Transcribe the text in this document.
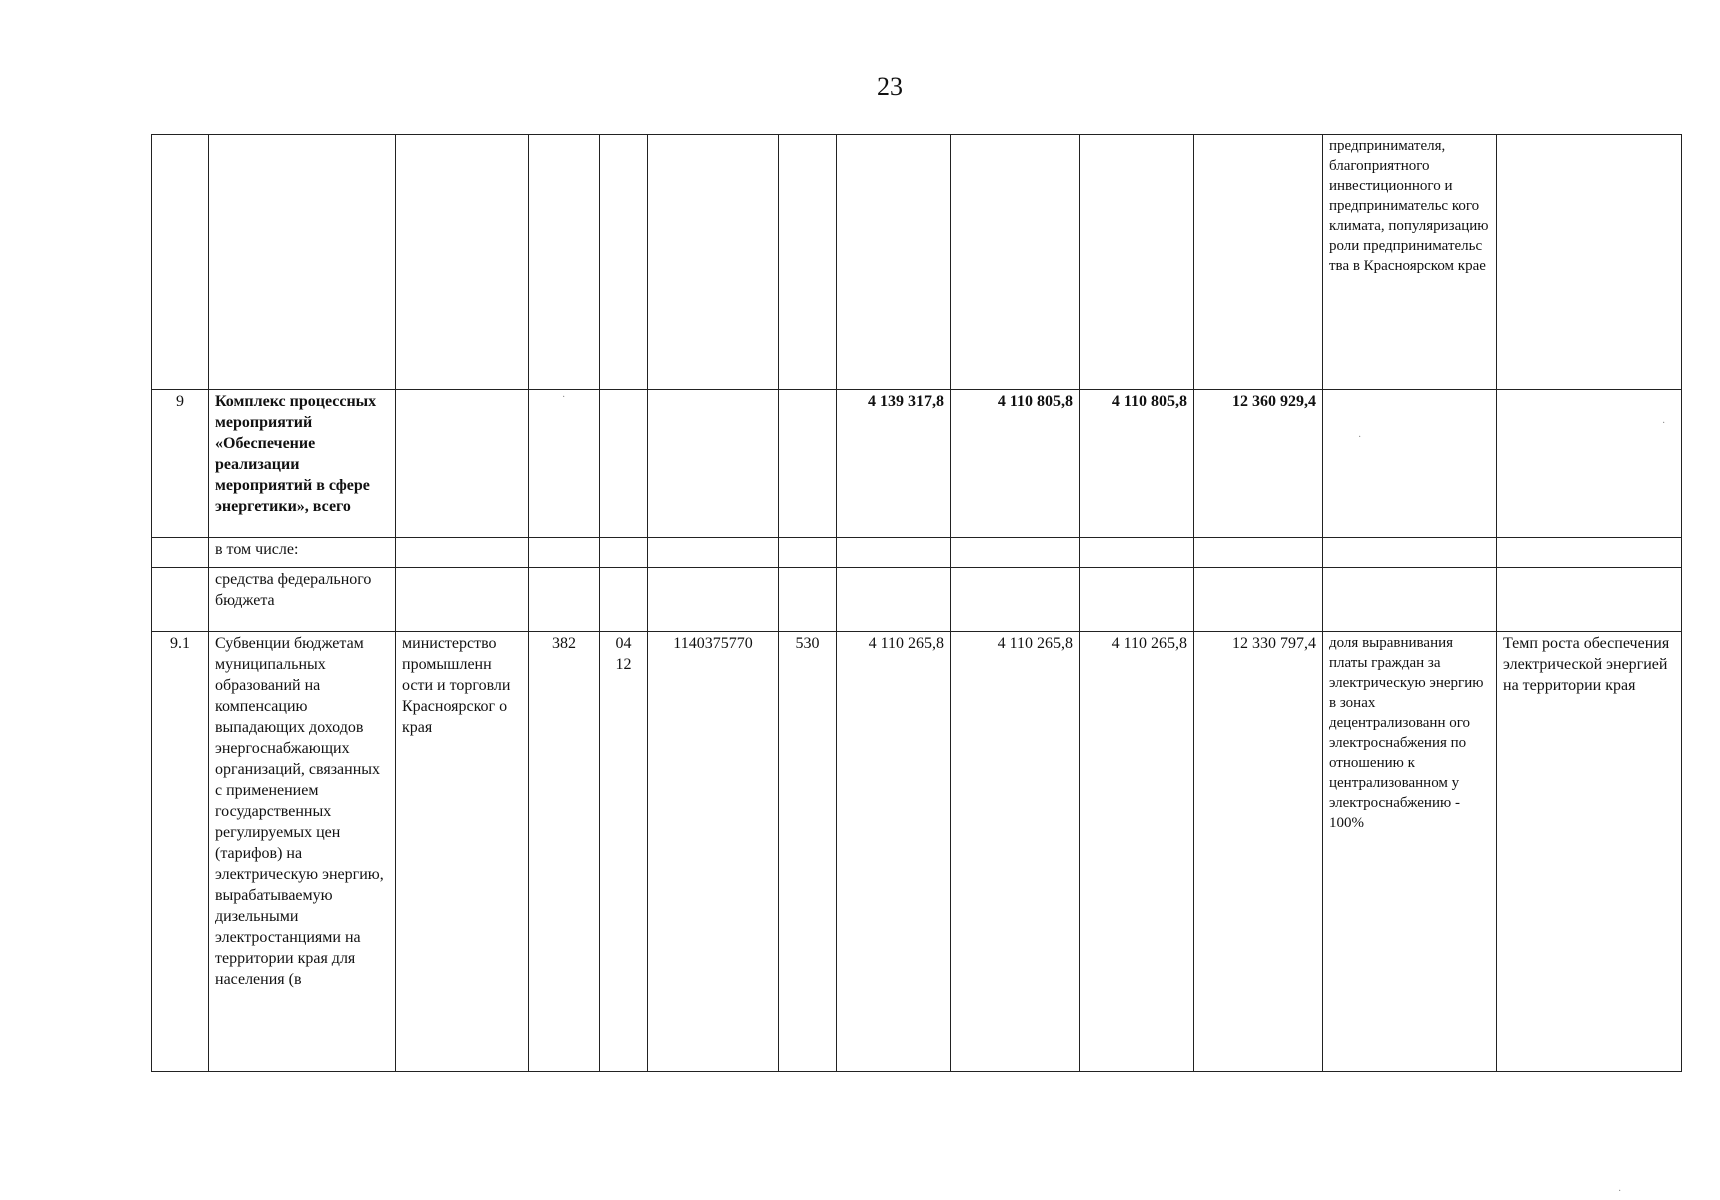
23
											предпринимателя, благоприятного инвестиционного и предпринимательс кого климата, популяризацию роли предпринимательс тва в Красноярском крае	
9	Комплекс процессных мероприятий «Обеспечение реализации мероприятий в сфере энергетики», всего						4 139 317,8	4 110 805,8	4 110 805,8	12 360 929,4		
	в том числе:											
	средства федерального бюджета											
9.1	Субвенции бюджетам муниципальных образований на компенсацию выпадающих доходов энергоснабжающих организаций, связанных с применением государственных регулируемых цен (тарифов) на электрическую энергию, вырабатываемую дизельными электростанциями на территории края для населения (в	министерство промышленн ости и торговли Красноярског о края	382	04 12	1140375770	530	4 110 265,8	4 110 265,8	4 110 265,8	12 330 797,4	доля выравнивания платы граждан за электрическую энергию в зонах децентрализованн ого электроснабжения по отношению к централизованном у электроснабжению - 100%	Темп роста обеспечения электрической энергией на территории края
·
·
·
·
